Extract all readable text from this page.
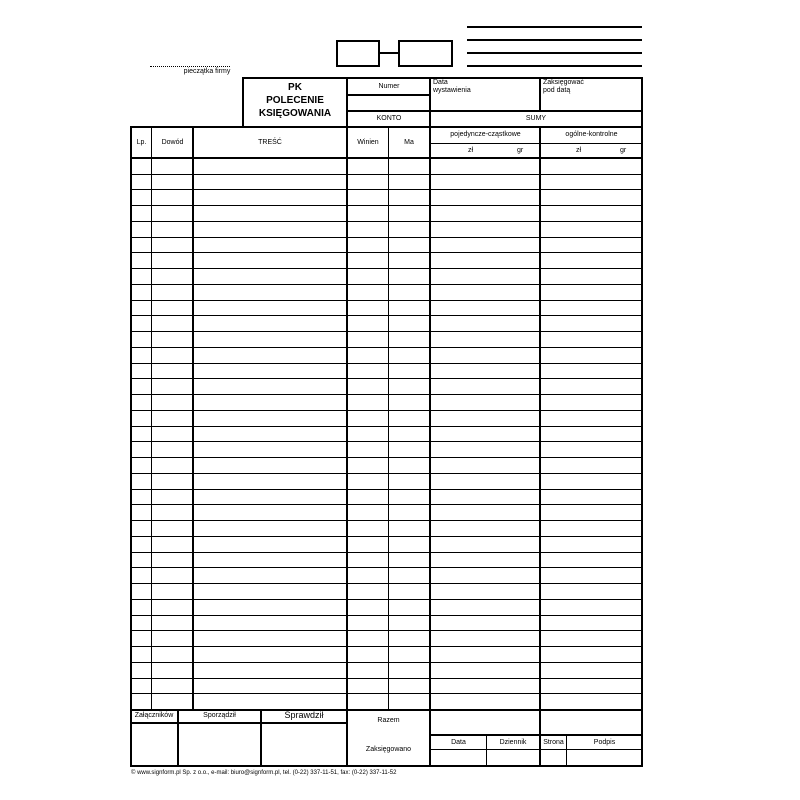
pieczątka firmy
PK
POLECENIE
KSIĘGOWANIA
Numer
Data
wystawienia
Zaksięgować
pod datą
KONTO	SUMY
Lp.	Dowód	TREŚĆ	Winien	Ma
pojedyncze-cząstkowe	ogólne-kontrolne
zł	gr	zł	gr
Załączników	Sporządził	Sprawdził
Razem
Zaksięgowano
Data	Dziennik	Strona	Podpis
© www.signform.pl Sp. z o.o., e-mail: biuro@signform.pl, tel. (0-22) 337-11-51, fax: (0-22) 337-11-52
